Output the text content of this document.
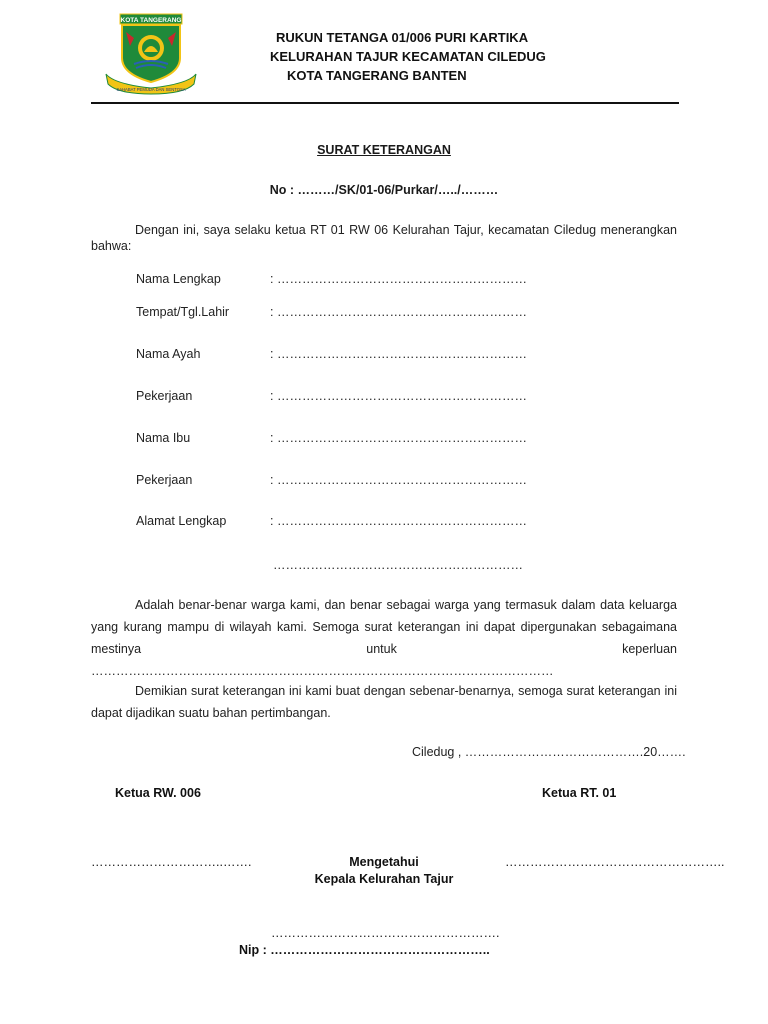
KOTA TANGERANG
SAHABAT PEMUDA DAN SENTOSA
RUKUN TETANGA 01/006 PURI KARTIKA
KELURAHAN TAJUR KECAMATAN CILEDUG
KOTA TANGERANG BANTEN
SURAT KETERANGAN
No : ………/SK/01-06/Purkar/…../………
Dengan ini, saya selaku ketua RT 01 RW 06 Kelurahan Tajur, kecamatan Ciledug menerangkan bahwa:
Nama Lengkap	: ……………………………………………………
Tempat/Tgl.Lahir	: ……………………………………………………
Nama Ayah	: ……………………………………………………
Pekerjaan	: ……………………………………………………
Nama Ibu	: ……………………………………………………
Pekerjaan	: ……………………………………………………
Alamat Lengkap	: ……………………………………………………
……………………………………………………
Adalah benar-benar warga kami, dan benar sebagai warga yang termasuk dalam data keluarga yang kurang mampu di wilayah kami. Semoga surat keterangan ini dapat dipergunakan sebagaimana mestinya untuk keperluan …………………………………………………………………………………………………
Demikian surat keterangan ini kami buat dengan sebenar-benarnya, semoga surat keterangan ini dapat dijadikan suatu bahan pertimbangan.
Ciledug , …………………………………….20…….
Ketua RW. 006	Ketua RT. 01
…………………………..…….	……………………………………………..
Mengetahui
Kepala Kelurahan Tajur
……………………………………………….
Nip : ……………………………………………..
